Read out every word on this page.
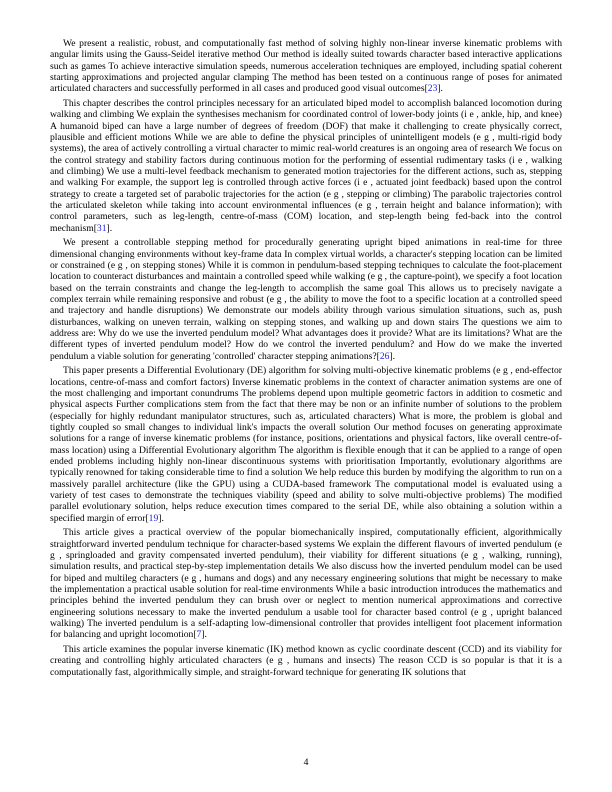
We present a realistic, robust, and computationally fast method of solving highly non-linear inverse kinematic problems with angular limits using the Gauss-Seidel iterative method Our method is ideally suited towards character based interactive applications such as games To achieve interactive simulation speeds, numerous acceleration techniques are employed, including spatial coherent starting approximations and projected angular clamping The method has been tested on a continuous range of poses for animated articulated characters and successfully performed in all cases and produced good visual outcomes[23].

This chapter describes the control principles necessary for an articulated biped model to accomplish balanced locomotion during walking and climbing We explain the synthesises mechanism for coordinated control of lower-body joints (i e , ankle, hip, and knee) A humanoid biped can have a large number of degrees of freedom (DOF) that make it challenging to create physically correct, plausible and efficient motions While we are able to define the physical principles of unintelligent models (e g , multi-rigid body systems), the area of actively controlling a virtual character to mimic real-world creatures is an ongoing area of research We focus on the control strategy and stability factors during continuous motion for the performing of essential rudimentary tasks (i e , walking and climbing) We use a multi-level feedback mechanism to generated motion trajectories for the different actions, such as, stepping and walking For example, the support leg is controlled through active forces (i e , actuated joint feedback) based upon the control strategy to create a targeted set of parabolic trajectories for the action (e g , stepping or climbing) The parabolic trajectories control the articulated skeleton while taking into account environmental influences (e g , terrain height and balance information); with control parameters, such as leg-length, centre-of-mass (COM) location, and step-length being fed-back into the control mechanism[31].

We present a controllable stepping method for procedurally generating upright biped animations in real-time for three dimensional changing environments without key-frame data In complex virtual worlds, a character's stepping location can be limited or constrained (e g , on stepping stones) While it is common in pendulum-based stepping techniques to calculate the foot-placement location to counteract disturbances and maintain a controlled speed while walking (e g , the capture-point), we specify a foot location based on the terrain constraints and change the leg-length to accomplish the same goal This allows us to precisely navigate a complex terrain while remaining responsive and robust (e g , the ability to move the foot to a specific location at a controlled speed and trajectory and handle disruptions) We demonstrate our models ability through various simulation situations, such as, push disturbances, walking on uneven terrain, walking on stepping stones, and walking up and down stairs The questions we aim to address are: Why do we use the inverted pendulum model? What advantages does it provide? What are its limitations? What are the different types of inverted pendulum model? How do we control the inverted pendulum? and How do we make the inverted pendulum a viable solution for generating 'controlled' character stepping animations?[26].

This paper presents a Differential Evolutionary (DE) algorithm for solving multi-objective kinematic problems (e g , end-effector locations, centre-of-mass and comfort factors) Inverse kinematic problems in the context of character animation systems are one of the most challenging and important conundrums The problems depend upon multiple geometric factors in addition to cosmetic and physical aspects Further complications stem from the fact that there may be non or an infinite number of solutions to the problem (especially for highly redundant manipulator structures, such as, articulated characters) What is more, the problem is global and tightly coupled so small changes to individual link's impacts the overall solution Our method focuses on generating approximate solutions for a range of inverse kinematic problems (for instance, positions, orientations and physical factors, like overall centre-of-mass location) using a Differential Evolutionary algorithm The algorithm is flexible enough that it can be applied to a range of open ended problems including highly non-linear discontinuous systems with prioritisation Importantly, evolutionary algorithms are typically renowned for taking considerable time to find a solution We help reduce this burden by modifying the algorithm to run on a massively parallel architecture (like the GPU) using a CUDA-based framework The computational model is evaluated using a variety of test cases to demonstrate the techniques viability (speed and ability to solve multi-objective problems) The modified parallel evolutionary solution, helps reduce execution times compared to the serial DE, while also obtaining a solution within a specified margin of error[19].

This article gives a practical overview of the popular biomechanically inspired, computationally efficient, algorithmically straightforward inverted pendulum technique for character-based systems We explain the different flavours of inverted pendulum (e g , springloaded and gravity compensated inverted pendulum), their viability for different situations (e g , walking, running), simulation results, and practical step-by-step implementation details We also discuss how the inverted pendulum model can be used for biped and multileg characters (e g , humans and dogs) and any necessary engineering solutions that might be necessary to make the implementation a practical usable solution for real-time environments While a basic introduction introduces the mathematics and principles behind the inverted pendulum they can brush over or neglect to mention numerical approximations and corrective engineering solutions necessary to make the inverted pendulum a usable tool for character based control (e g , upright balanced walking) The inverted pendulum is a self-adapting low-dimensional controller that provides intelligent foot placement information for balancing and upright locomotion[7].

This article examines the popular inverse kinematic (IK) method known as cyclic coordinate descent (CCD) and its viability for creating and controlling highly articulated characters (e g , humans and insects) The reason CCD is so popular is that it is a computationally fast, algorithmically simple, and straight-forward technique for generating IK solutions that

4
